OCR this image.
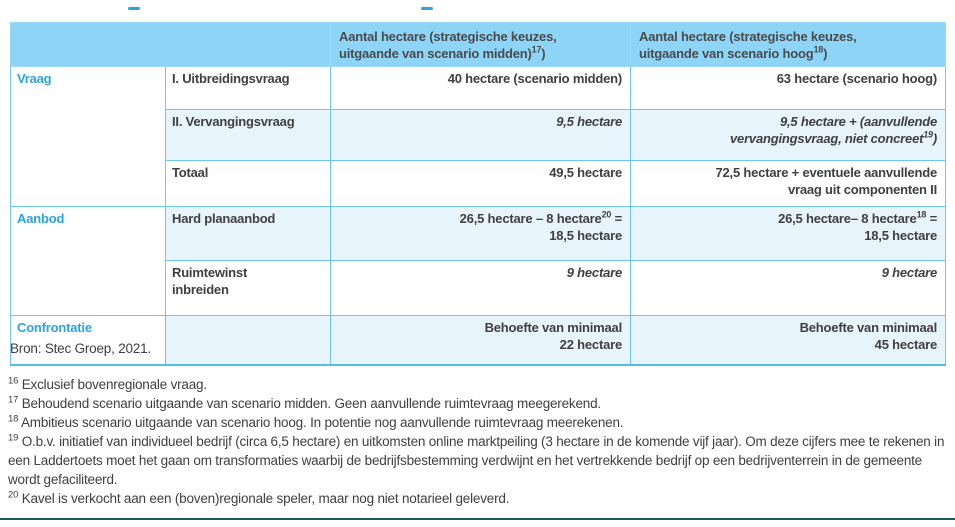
		Aantal hectare (strategische keuzes,
uitgaande van scenario midden)$^{17}$)	Aantal hectare (strategische keuzes,
uitgaande van scenario hoog$^{18}$)
Vraag	I. Uitbreidingsvraag	40 hectare (scenario midden)	63 hectare (scenario hoog)
	II. Vervangingsvraag	9,5 hectare	9,5 hectare + (aanvullende
vervangingsvraag, niet concreet$^{19}$)
	Totaal	49,5 hectare	72,5 hectare + eventuele aanvullende
vraag uit componenten II
Aanbod	Hard planaanbod	26,5 hectare – 8 hectare$^{20}$ =
18,5 hectare	26,5 hectare– 8 hectare$^{18}$ =
18,5 hectare
	Ruimtewinst
inbreiden	9 hectare	9 hectare
Confrontatie		Behoefte van minimaal
22 hectare	Behoefte van minimaal
45 hectare
Bron: Stec Groep, 2021.

$^{16}$ Exclusief bovenregionale vraag.

$^{17}$ Behoudend scenario uitgaande van scenario midden. Geen aanvullende ruimtevraag meegerekend.

$^{18}$ Ambitieus scenario uitgaande van scenario hoog. In potentie nog aanvullende ruimtevraag meerekenen.

$^{19}$ O.b.v. initiatief van individueel bedrijf (circa 6,5 hectare) en uitkomsten online marktpeiling (3 hectare in de komende vijf jaar). Om deze cijfers mee te rekenen in een Laddertoets moet het gaan om transformaties waarbij de bedrijfsbestemming verdwijnt en het vertrekkende bedrijf op een bedrijventerrein in de gemeente wordt gefaciliteerd.

$^{20}$ Kavel is verkocht aan een (boven)regionale speler, maar nog niet notarieel geleverd.
